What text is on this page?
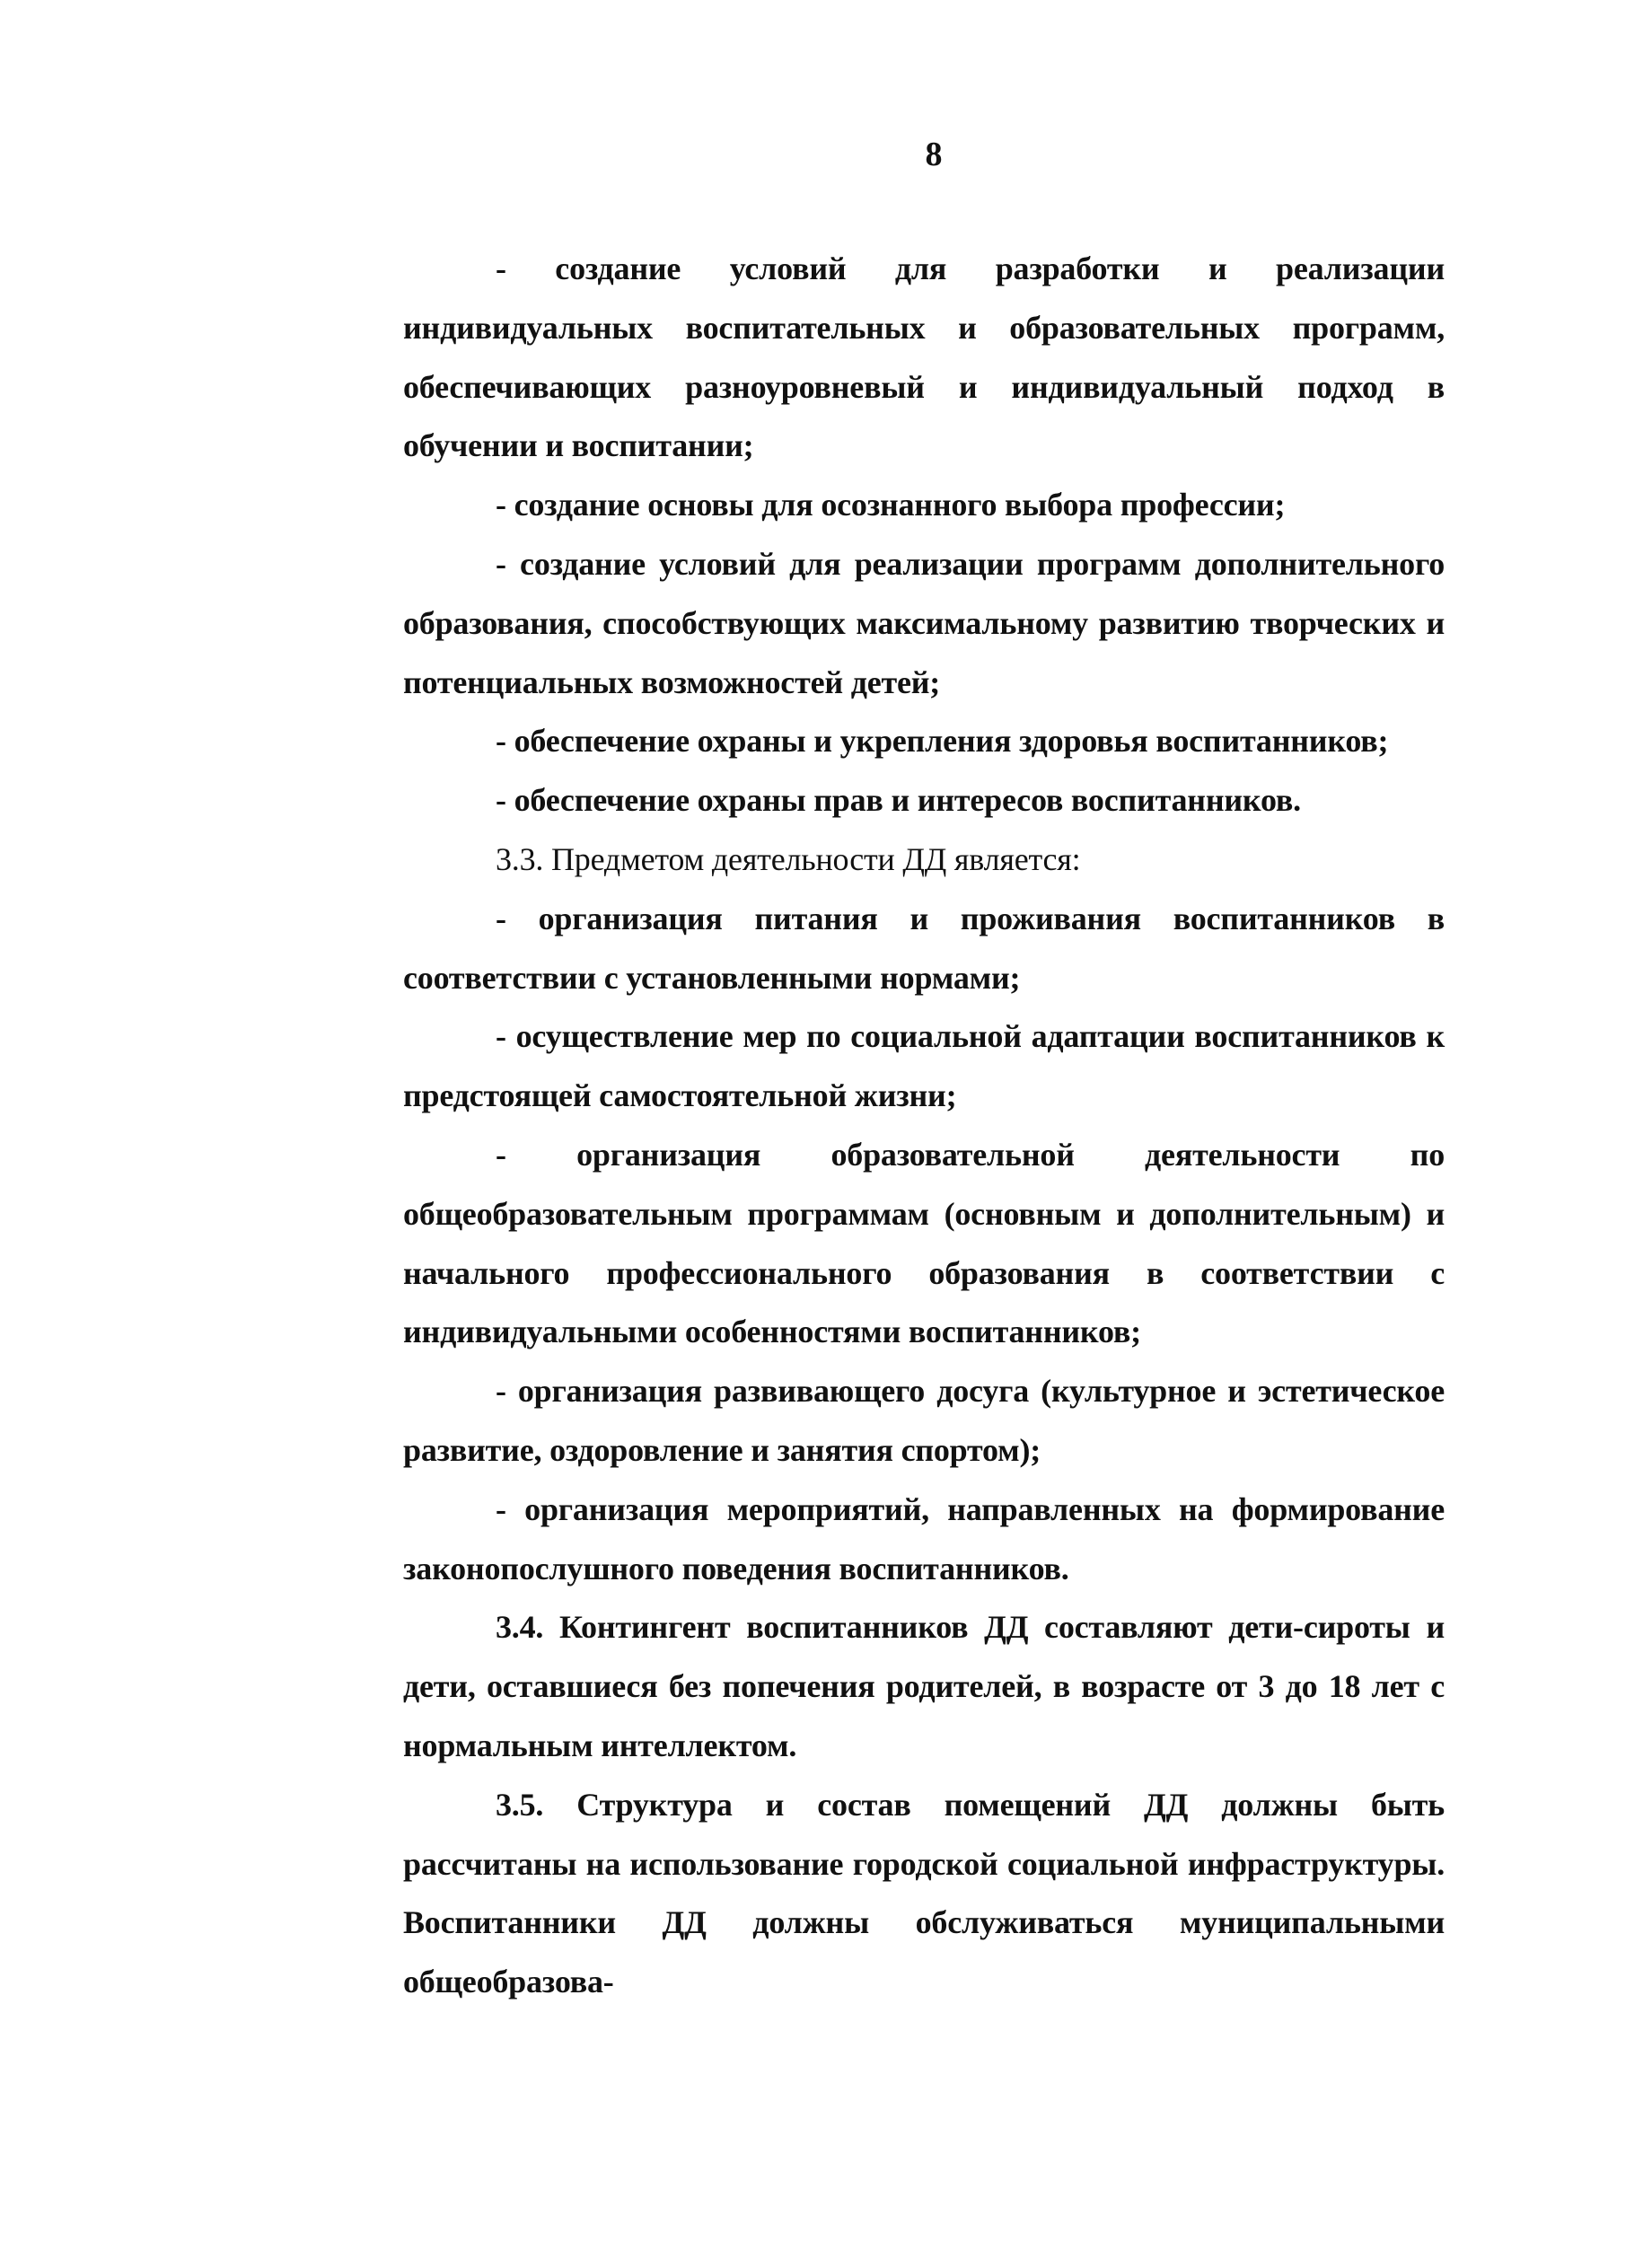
8

- создание условий для разработки и реализации индивидуальных воспитательных и образовательных программ, обеспечивающих разноуровневый и индивидуальный подход в обучении и воспитании;

- создание основы для осознанного выбора профессии;

- создание условий для реализации программ дополнительного образования, способствующих максимальному развитию творческих и потенциальных возможностей детей;

- обеспечение охраны и укрепления здоровья воспитанников;

- обеспечение охраны прав и интересов воспитанников.

3.3. Предметом деятельности ДД является:

- организация питания и проживания воспитанников в соответствии с установленными нормами;

- осуществление мер по социальной адаптации воспитанников к предстоящей самостоятельной жизни;

- организация образовательной деятельности по общеобразовательным программам (основным и дополнительным) и начального профессионального образования в соответствии с индивидуальными особенностями воспитанников;

- организация развивающего досуга (культурное и эстетическое развитие, оздоровление и занятия спортом);

- организация мероприятий, направленных на формирование законопослушного поведения воспитанников.

3.4. Контингент воспитанников ДД составляют дети-сироты и дети, оставшиеся без попечения родителей, в возрасте от 3 до 18 лет с нормальным интеллектом.

3.5. Структура и состав помещений ДД должны быть рассчитаны на использование городской социальной инфраструктуры. Воспитанники ДД должны обслуживаться муниципальными общеобразова-
